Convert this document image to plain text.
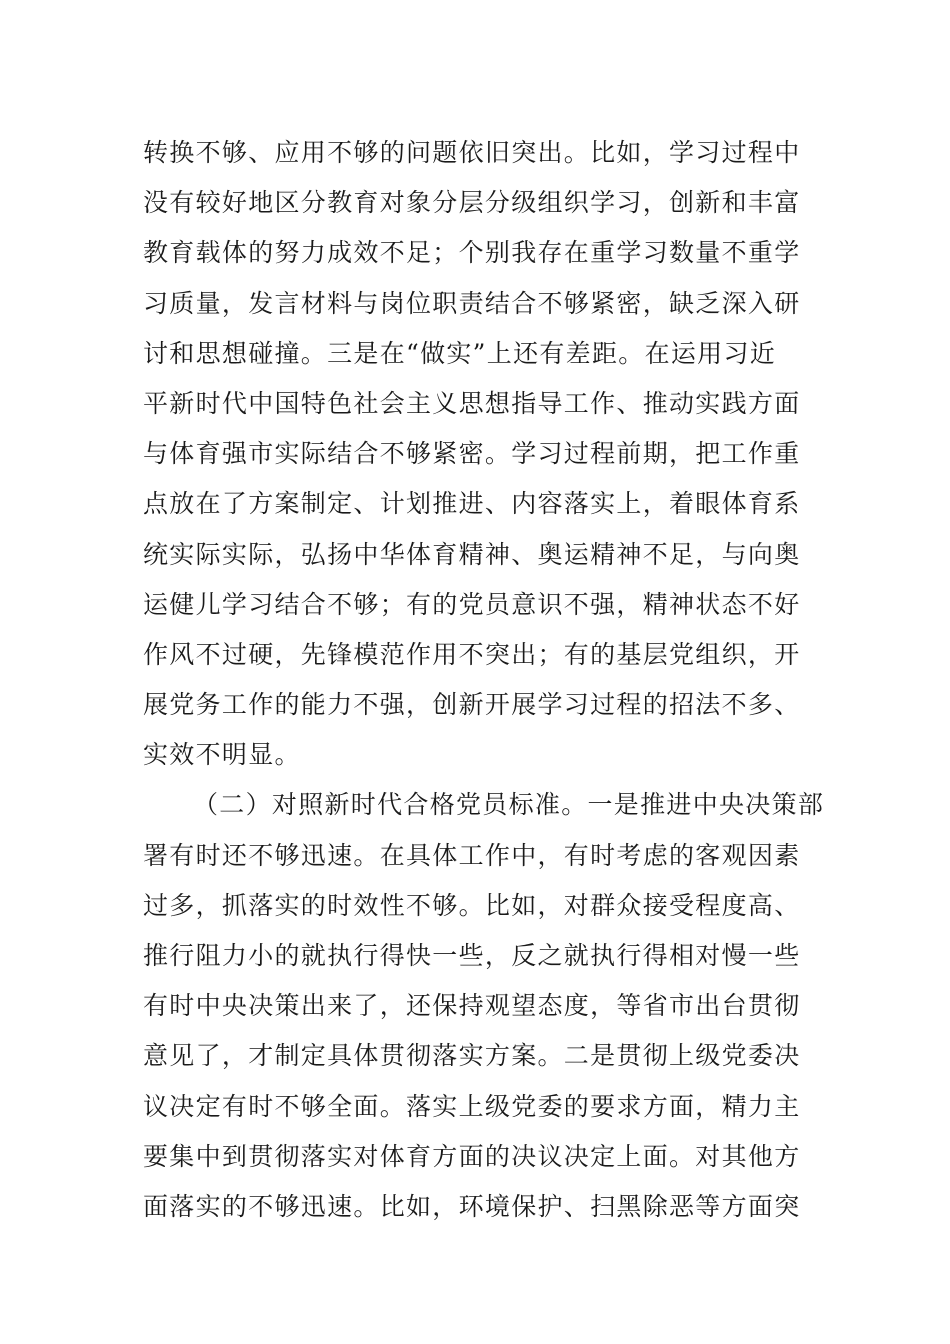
转换不够、应用不够的问题依旧突出。比如，学习过程中
没有较好地区分教育对象分层分级组织学习，创新和丰富
教育载体的努力成效不足；个别我存在重学习数量不重学
习质量，发言材料与岗位职责结合不够紧密，缺乏深入研
讨和思想碰撞。三是在“做实”上还有差距。在运用习近
平新时代中国特色社会主义思想指导工作、推动实践方面
与体育强市实际结合不够紧密。学习过程前期，把工作重
点放在了方案制定、计划推进、内容落实上，着眼体育系
统实际实际，弘扬中华体育精神、奥运精神不足，与向奥
运健儿学习结合不够；有的党员意识不强，精神状态不好
作风不过硬，先锋模范作用不突出；有的基层党组织，开
展党务工作的能力不强，创新开展学习过程的招法不多、
实效不明显。
（二）对照新时代合格党员标准。一是推进中央决策部
署有时还不够迅速。在具体工作中，有时考虑的客观因素
过多，抓落实的时效性不够。比如，对群众接受程度高、
推行阻力小的就执行得快一些，反之就执行得相对慢一些
有时中央决策出来了，还保持观望态度，等省市出台贯彻
意见了，才制定具体贯彻落实方案。二是贯彻上级党委决
议决定有时不够全面。落实上级党委的要求方面，精力主
要集中到贯彻落实对体育方面的决议决定上面。对其他方
面落实的不够迅速。比如，环境保护、扫黑除恶等方面突
